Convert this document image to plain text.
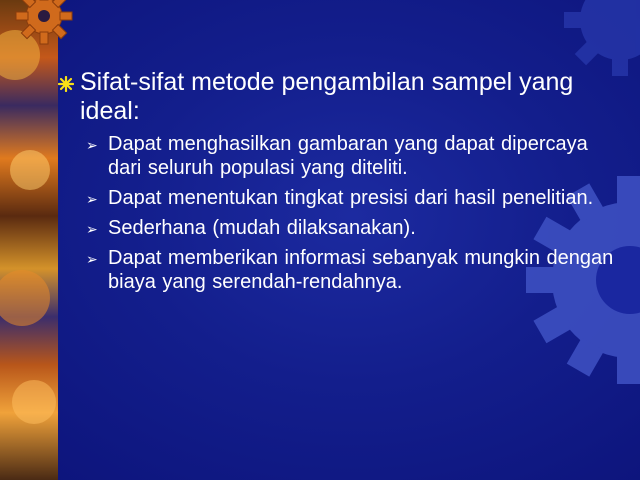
Sifat-sifat metode pengambilan sampel yang ideal:
➢ Dapat menghasilkan gambaran yang dapat dipercaya dari seluruh populasi yang diteliti.
➢ Dapat menentukan tingkat presisi dari hasil penelitian.
➢ Sederhana (mudah dilaksanakan).
➢ Dapat memberikan informasi sebanyak mungkin dengan biaya yang serendah-rendahnya.
